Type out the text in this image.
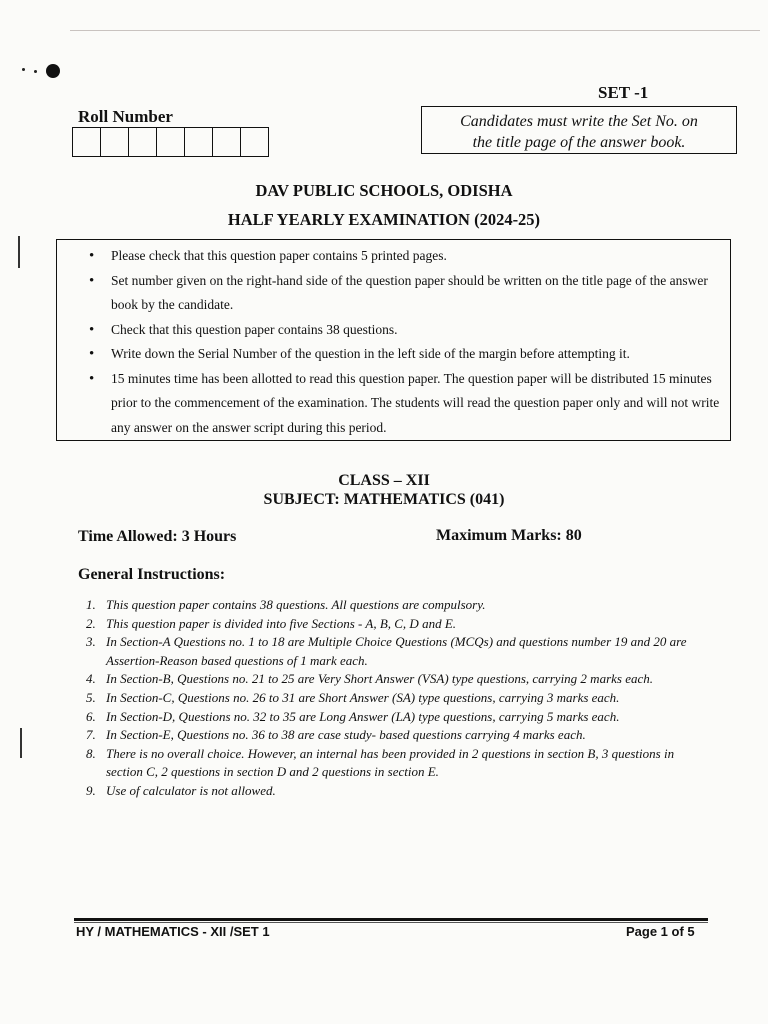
SET -1
Roll Number	Candidates must write the Set No. on
the title page of the answer book.
DAV PUBLIC SCHOOLS, ODISHA
HALF YEARLY EXAMINATION (2024-25)
• Please check that this question paper contains 5 printed pages.
• Set number given on the right-hand side of the question paper should be written on the title page of the answer book by the candidate.
• Check that this question paper contains 38 questions.
• Write down the Serial Number of the question in the left side of the margin before attempting it.
• 15 minutes time has been allotted to read this question paper. The question paper will be distributed 15 minutes prior to the commencement of the examination. The students will read the question paper only and will not write any answer on the answer script during this period.
CLASS – XII
SUBJECT: MATHEMATICS (041)
Time Allowed: 3 Hours	Maximum Marks: 80
General Instructions:
1. This question paper contains 38 questions. All questions are compulsory.
2. This question paper is divided into five Sections - A, B, C, D and E.
3. In Section-A Questions no. 1 to 18 are Multiple Choice Questions (MCQs) and questions number 19 and 20 are Assertion-Reason based questions of 1 mark each.
4. In Section-B, Questions no. 21 to 25 are Very Short Answer (VSA) type questions, carrying 2 marks each.
5. In Section-C, Questions no. 26 to 31 are Short Answer (SA) type questions, carrying 3 marks each.
6. In Section-D, Questions no. 32 to 35 are Long Answer (LA) type questions, carrying 5 marks each.
7. In Section-E, Questions no. 36 to 38 are case study- based questions carrying 4 marks each.
8. There is no overall choice. However, an internal has been provided in 2 questions in section B, 3 questions in section C, 2 questions in section D and 2 questions in section E.
9. Use of calculator is not allowed.
HY / MATHEMATICS - XII /SET 1	Page 1 of 5
